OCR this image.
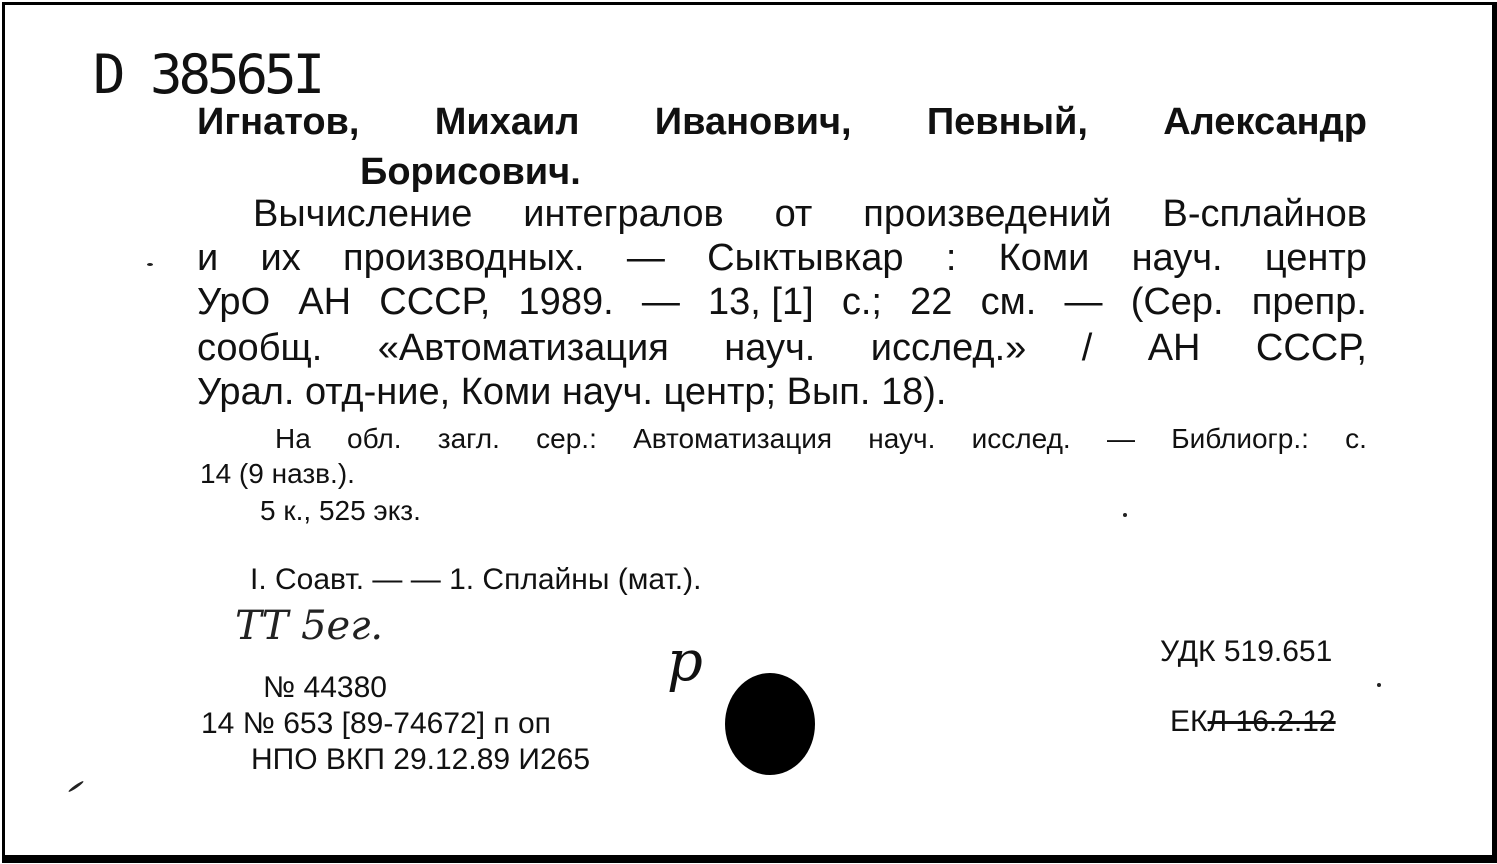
D 38565I
Игнатов, Михаил Иванович, Певный, Александр
Борисович.
Вычисление интегралов от произведений В-сплайнов
и их производных. — Сыктывкар : Коми науч. центр
УрО АН СССР, 1989. — 13, [1] с.; 22 см. — (Сер. препр.
сообщ. «Автоматизация науч. исслед.» / АН СССР,
Урал. отд-ние, Коми науч. центр; Вып. 18).
На обл. загл. сер.: Автоматизация науч. исслед. — Библиогр.: с.
14 (9 назв.).
5 к., 525 экз.
I. Соавт. — — 1. Сплайны (мат.).
ТТ 5ег.
№ 44380
14 № 653 [89-74672] п оп
НПО ВКП 29.12.89 И265
р	УДК 519.651
ЕКЛ 16.2.12
